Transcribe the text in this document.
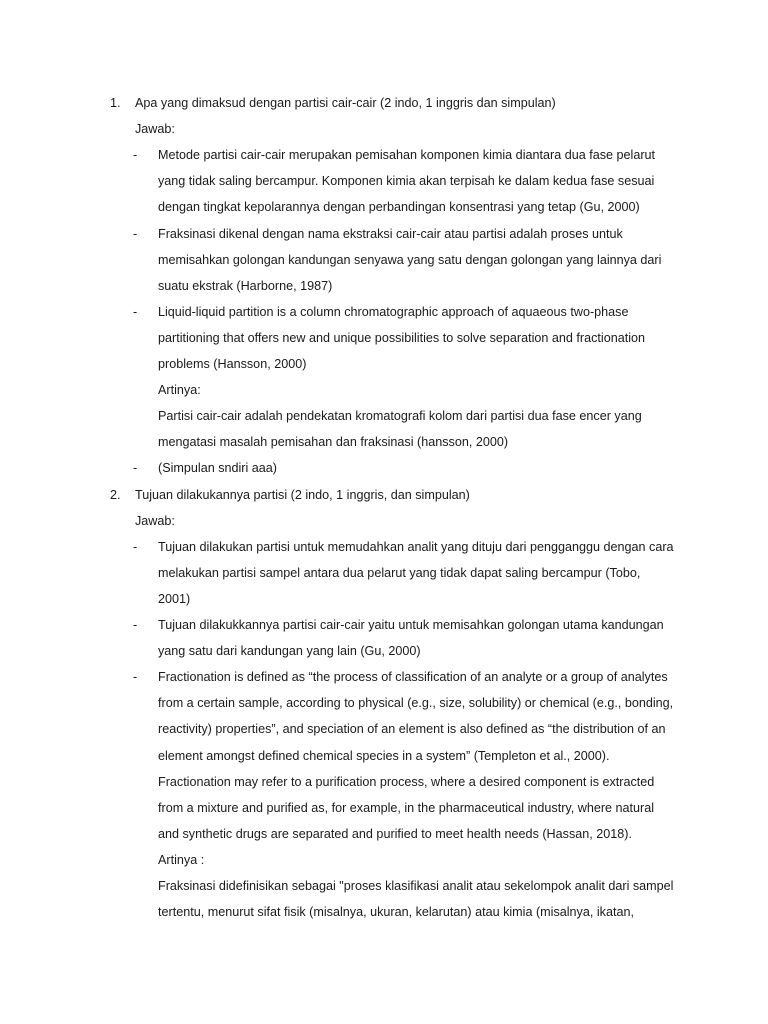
1. Apa yang dimaksud dengan partisi cair-cair (2 indo, 1 inggris dan simpulan)
Jawab:
- Metode partisi cair-cair merupakan pemisahan komponen kimia diantara dua fase pelarut
yang tidak saling bercampur. Komponen kimia akan terpisah ke dalam kedua fase sesuai
dengan tingkat kepolarannya dengan perbandingan konsentrasi yang tetap (Gu, 2000)
- Fraksinasi dikenal dengan nama ekstraksi cair-cair atau partisi adalah proses untuk
memisahkan golongan kandungan senyawa yang satu dengan golongan yang lainnya dari
suatu ekstrak (Harborne, 1987)
- Liquid-liquid partition is a column chromatographic approach of aquaeous two-phase
partitioning that offers new and unique possibilities to solve separation and fractionation
problems (Hansson, 2000)
Artinya:
Partisi cair-cair adalah pendekatan kromatografi kolom dari partisi dua fase encer yang
mengatasi masalah pemisahan dan fraksinasi (hansson, 2000)
- (Simpulan sndiri aaa)
2. Tujuan dilakukannya partisi (2 indo, 1 inggris, dan simpulan)
Jawab:
- Tujuan dilakukan partisi untuk memudahkan analit yang dituju dari pengganggu dengan cara
melakukan partisi sampel antara dua pelarut yang tidak dapat saling bercampur (Tobo,
2001)
- Tujuan dilakukkannya partisi cair-cair yaitu untuk memisahkan golongan utama kandungan
yang satu dari kandungan yang lain (Gu, 2000)
- Fractionation is defined as “the process of classification of an analyte or a group of analytes
from a certain sample, according to physical (e.g., size, solubility) or chemical (e.g., bonding,
reactivity) properties”, and speciation of an element is also defined as “the distribution of an
element amongst defined chemical species in a system” (Templeton et al., 2000).
Fractionation may refer to a purification process, where a desired component is extracted
from a mixture and purified as, for example, in the pharmaceutical industry, where natural
and synthetic drugs are separated and purified to meet health needs (Hassan, 2018).
Artinya :
Fraksinasi didefinisikan sebagai "proses klasifikasi analit atau sekelompok analit dari sampel
tertentu, menurut sifat fisik (misalnya, ukuran, kelarutan) atau kimia (misalnya, ikatan,
